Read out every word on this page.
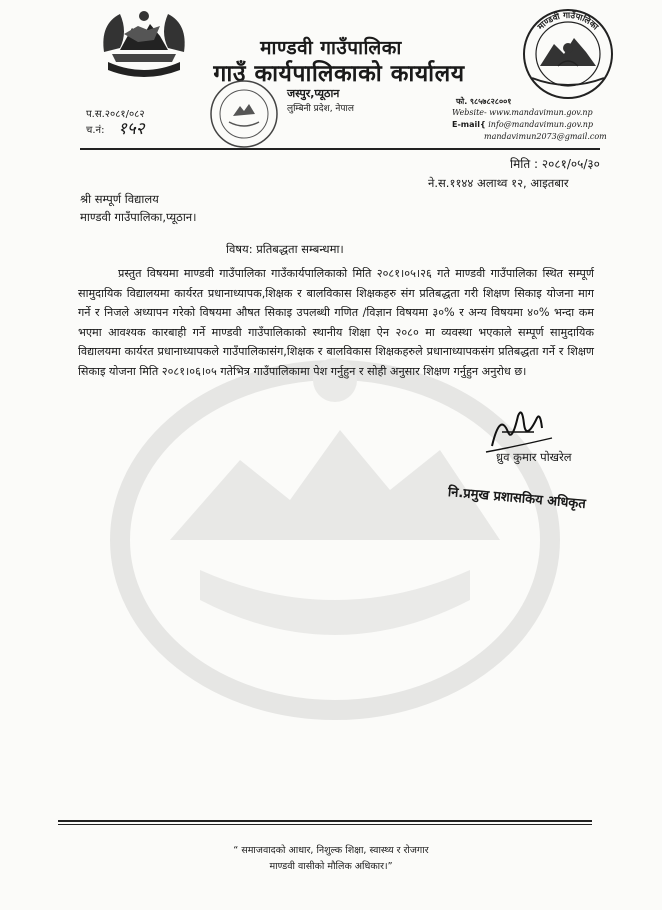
माण्डवी गाउँपालिका
गाउँ कार्यपालिकाको कार्यालय
जस्पुर,प्यूठान
लुम्बिनी प्रदेश, नेपाल
प.स.२०८१/०८२
च.नं: १५२
माण्डवी गाउँपालिका
फो. ९८५७८२८००१
Website- www.mandavimun.gov.np
E-mail{ info@mandavimun.gov.np
mandavimun2073@gmail.com
मिति : २०८१/०५/३०
ने.स.११४४ अलाथ्व १२, आइतबार
श्री सम्पूर्ण विद्यालय
माण्डवी गाउँपालिका,प्यूठान।
विषय: प्रतिबद्धता सम्बन्धमा।
प्रस्तुत विषयमा माण्डवी गाउँपालिका गाउँकार्यपालिकाको मिति २०८१।०५।२६ गते माण्डवी गाउँपालिका स्थित सम्पूर्ण सामुदायिक विद्यालयमा कार्यरत प्रधानाध्यापक,शिक्षक र बालविकास शिक्षकहरु संग प्रतिबद्धता गरी शिक्षण सिकाइ योजना माग गर्ने र निजले अध्यापन गरेको विषयमा औषत सिकाइ उपलब्धी गणित /विज्ञान विषयमा ३०% र अन्य विषयमा ४०% भन्दा कम भएमा आवश्यक कारबाही गर्ने माण्डवी गाउँपालिकाको स्थानीय शिक्षा ऐन २०८० मा व्यवस्था भएकाले सम्पूर्ण सामुदायिक विद्यालयमा कार्यरत प्रधानाध्यापकले गाउँपालिकासंग,शिक्षक र बालविकास शिक्षकहरुले प्रधानाध्यापकसंग प्रतिबद्धता गर्ने र शिक्षण सिकाइ योजना मिति २०८१।०६।०५ गतेभित्र गाउँपालिकामा पेश गर्नुहुन र सोही अनुसार शिक्षण गर्नुहुन अनुरोध छ।
ध्रुव कुमार पोखरेल
नि.प्रमुख प्रशासकिय अधिकृत
“ समाजवादको आधार, निशुल्क शिक्षा, स्वास्थ्य र रोजगार
माण्डवी वासीको मौलिक अधिकार।”
